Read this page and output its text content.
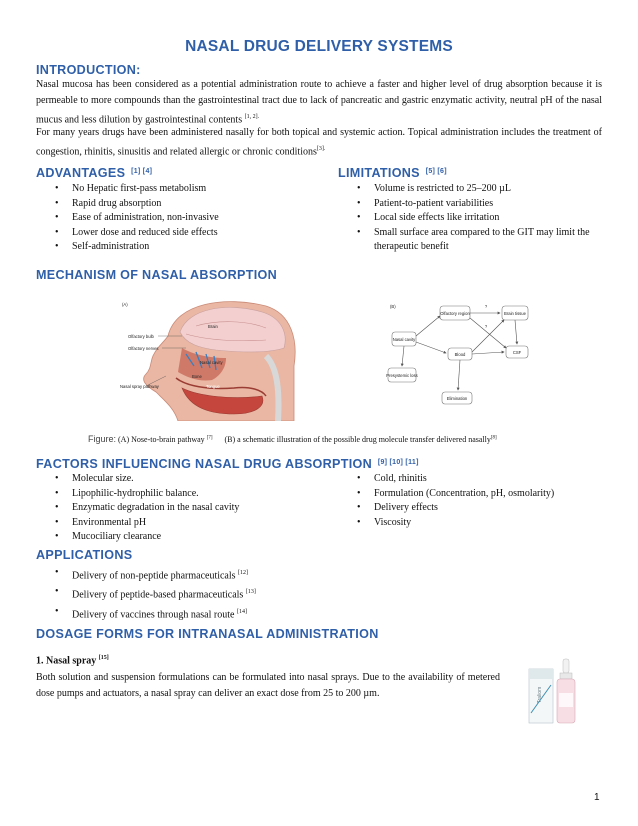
NASAL DRUG DELIVERY SYSTEMS
INTRODUCTION:
Nasal mucosa has been considered as a potential administration route to achieve a faster and higher level of drug absorption because it is permeable to more compounds than the gastrointestinal tract due to lack of pancreatic and gastric enzymatic activity, neutral pH of the nasal mucus and less dilution by gastrointestinal contents $^{[1, 2].}$
For many years drugs have been administered nasally for both topical and systemic action. Topical administration includes the treatment of congestion, rhinitis, sinusitis and related allergic or chronic conditions$^{[3].}$
ADVANTAGES [1] [4]
• No Hepatic first-pass metabolism
• Rapid drug absorption
• Ease of administration, non-invasive
• Lower dose and reduced side effects
• Self-administration
LIMITATIONS [5] [6]
• Volume is restricted to 25–200 µL
• Patient-to-patient variabilities
• Local side effects like irritation
• Small surface area compared to the GIT may limit the therapeutic benefit
MECHANISM OF NASAL ABSORPTION
(A)
Brain
Olfactory bulb
Olfactory nerves
Nasal cavity
Bone
Tongue
Nasal spray pathway
(B)
Olfactory region	Brain tissue
Nasal cavity
Blood	CSF
Presystemic loss
Elimination
?
?
Figure: (A) Nose-to-brain pathway [7] (B) a schematic illustration of the possible drug molecule transfer delivered nasally[8]
FACTORS INFLUENCING NASAL DRUG ABSORPTION [9] [10] [11]
• Molecular size.
• Lipophilic-hydrophilic balance.
• Enzymatic degradation in the nasal cavity
• Environmental pH
• Mucociliary clearance
• Cold, rhinitis
• Formulation (Concentration, pH, osmolarity)
• Delivery effects
• Viscosity
APPLICATIONS
• Delivery of non-peptide pharmaceuticals [12]
• Delivery of peptide-based pharmaceuticals [13]
• Delivery of vaccines through nasal route [14]
DOSAGE FORMS FOR INTRANASAL ADMINISTRATION
1. Nasal spray [15]
Both solution and suspension formulations can be formulated into nasal sprays. Due to the availability of metered dose pumps and actuators, a nasal spray can deliver an exact dose from 25 to 200 µm.	Traliom
1
